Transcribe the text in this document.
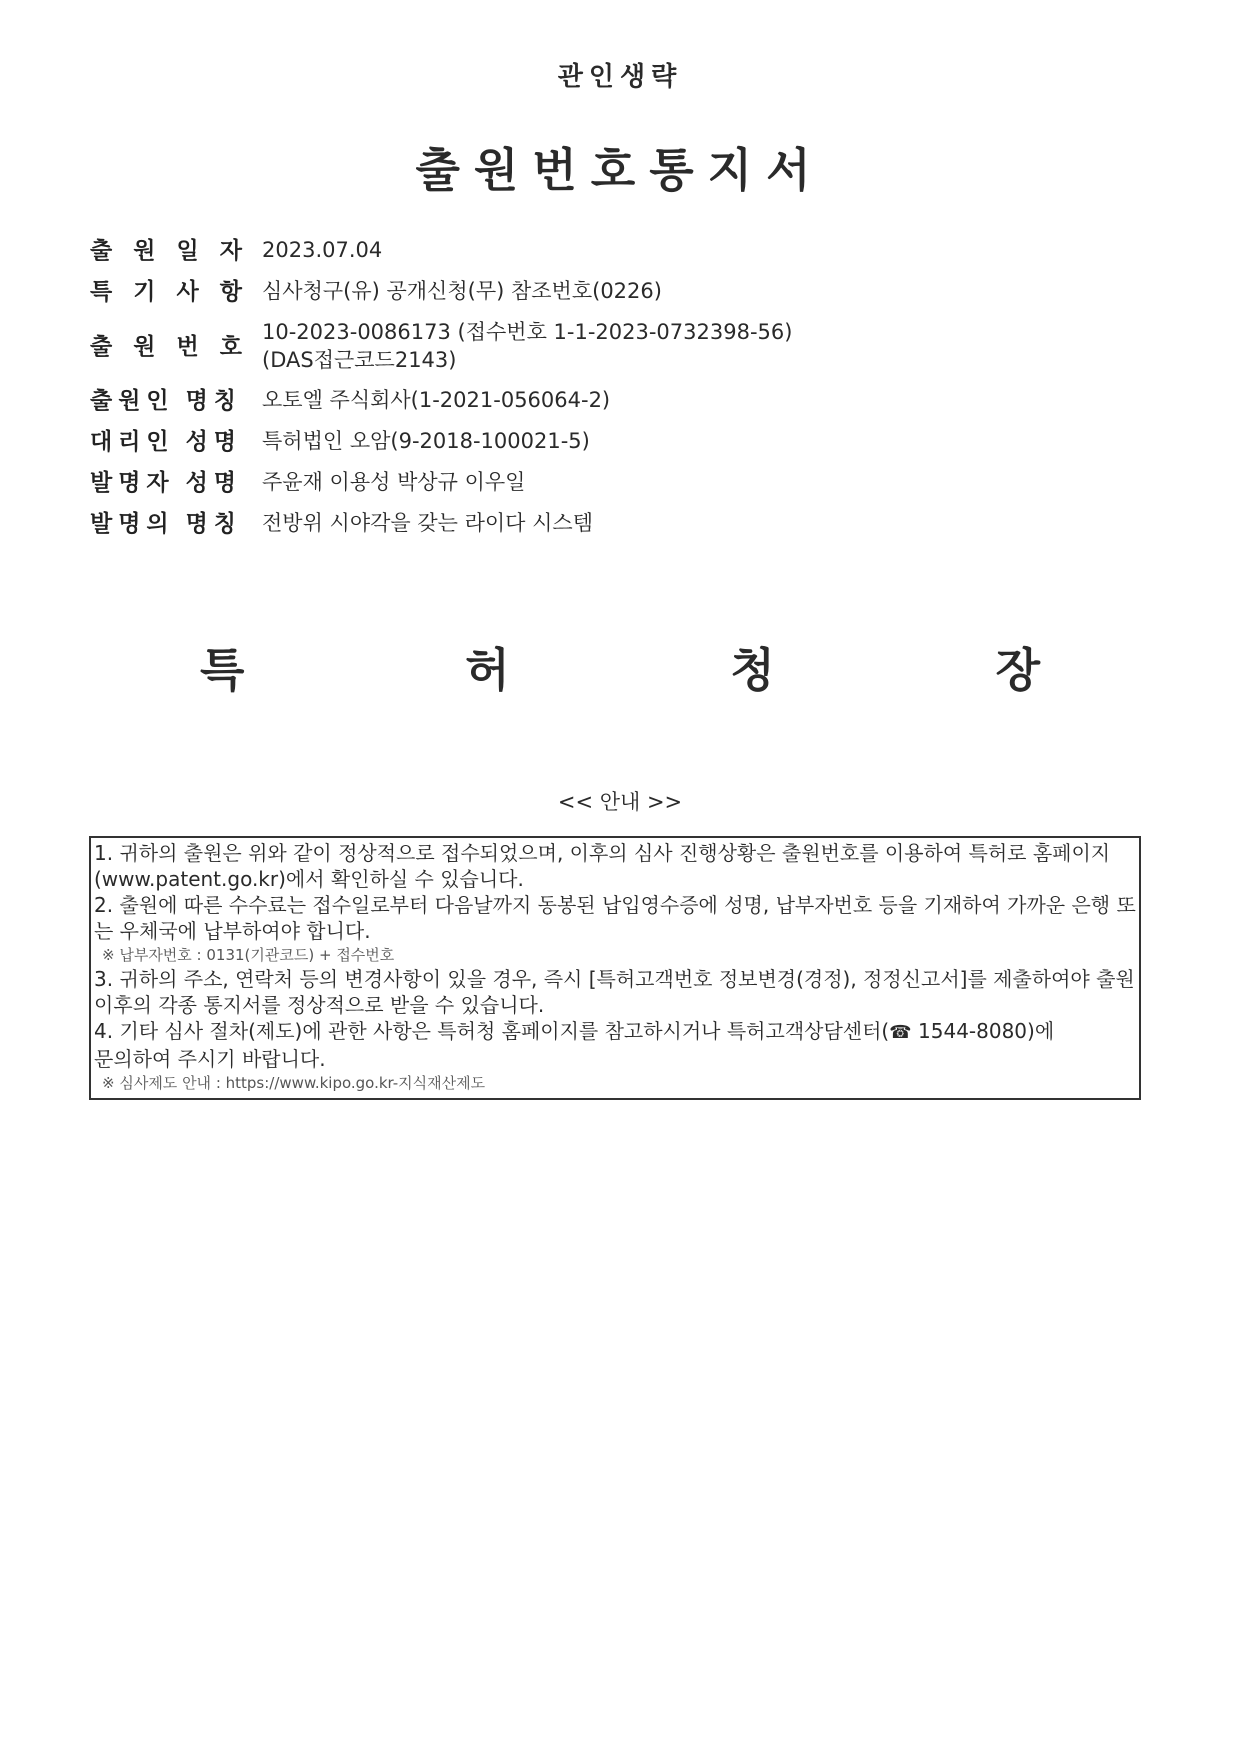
관인생략
출원번호통지서
출 원 일 자 2023.07.04
특 기 사 항 심사청구(유) 공개신청(무) 참조번호(0226)
출 원 번 호
10-2023-0086173 (접수번호 1-1-2023-0732398-56)
(DAS접근코드2143)
출원인 명칭 오토엘 주식회사(1-2021-056064-2)
대리인 성명 특허법인 오암(9-2018-100021-5)
발명자 성명 주윤재 이용성 박상규 이우일
발명의 명칭 전방위 시야각을 갖는 라이다 시스템
특	허	청	장
<< 안내 >>
1. 귀하의 출원은 위와 같이 정상적으로 접수되었으며, 이후의 심사 진행상황은 출원번호를 이용하여 특허로 홈페이지(www.patent.go.kr)에서 확인하실 수 있습니다.
2. 출원에 따른 수수료는 접수일로부터 다음날까지 동봉된 납입영수증에 성명, 납부자번호 등을 기재하여 가까운 은행 또는 우체국에 납부하여야 합니다.
※ 납부자번호 : 0131(기관코드) + 접수번호
3. 귀하의 주소, 연락처 등의 변경사항이 있을 경우, 즉시 [특허고객번호 정보변경(경정), 정정신고서]를 제출하여야 출원 이후의 각종 통지서를 정상적으로 받을 수 있습니다.
4. 기타 심사 절차(제도)에 관한 사항은 특허청 홈페이지를 참고하시거나 특허고객상담센터(☎ 1544-8080)에
문의하여 주시기 바랍니다.
※ 심사제도 안내 : https://www.kipo.go.kr-지식재산제도
